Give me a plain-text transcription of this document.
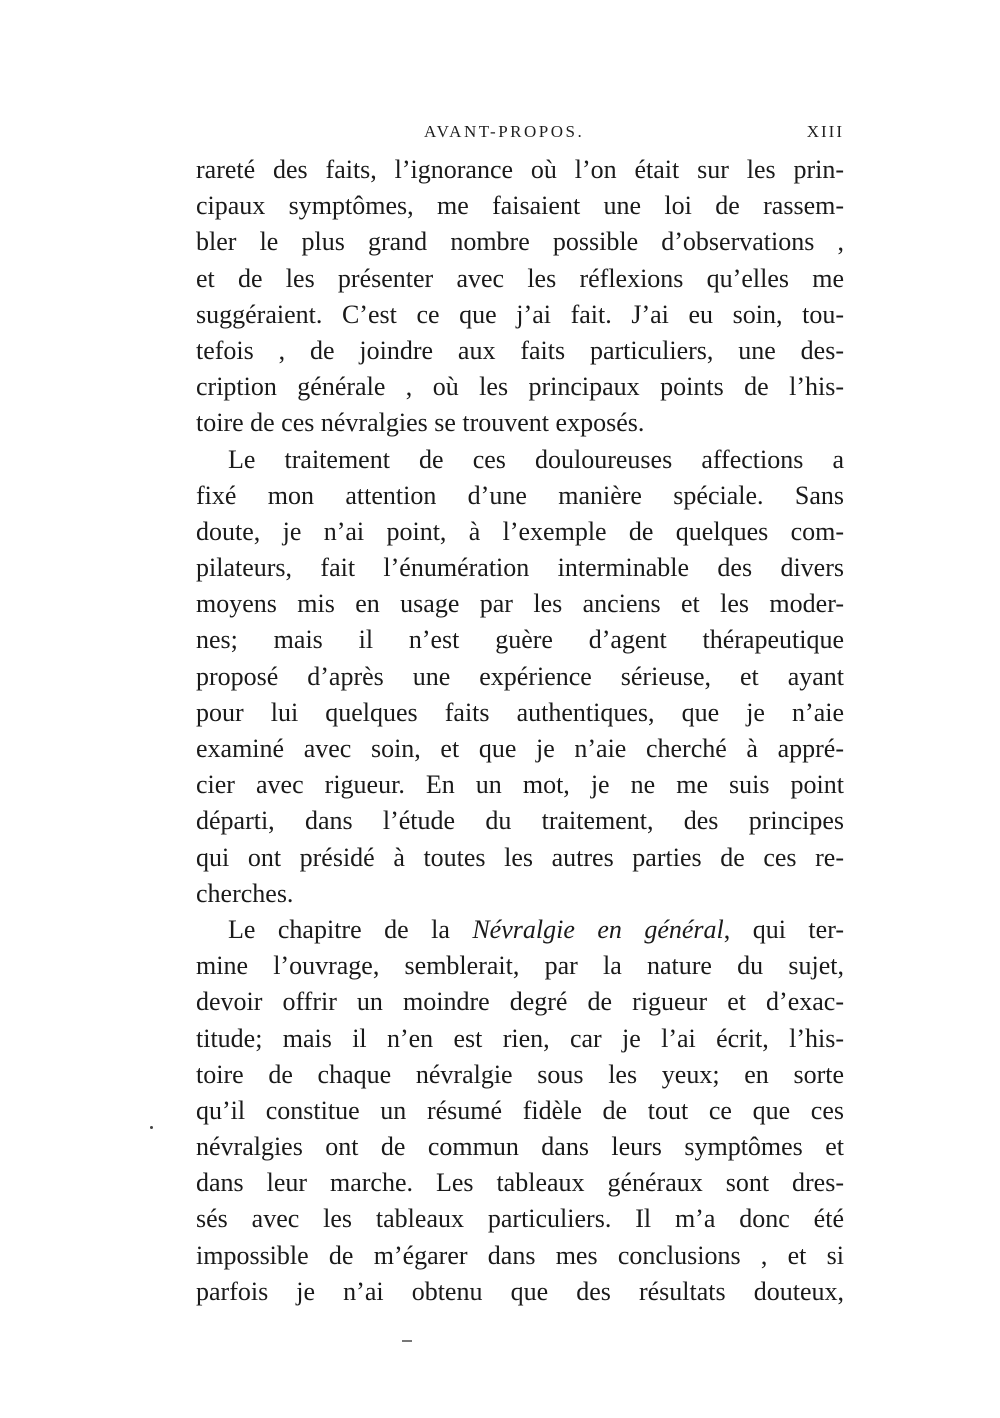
AVANT-PROPOS.	XIII
rareté des faits, l’ignorance où l’on était sur les prin-
cipaux symptômes, me faisaient une loi de rassem-
bler le plus grand nombre possible d’observations ,
et de les présenter avec les réflexions qu’elles me
suggéraient. C’est ce que j’ai fait. J’ai eu soin, tou-
tefois , de joindre aux faits particuliers, une des-
cription générale , où les principaux points de l’his-
toire de ces névralgies se trouvent exposés.
Le traitement de ces douloureuses affections a
fixé mon attention d’une manière spéciale. Sans
doute, je n’ai point, à l’exemple de quelques com-
pilateurs, fait l’énumération interminable des divers
moyens mis en usage par les anciens et les moder-
nes; mais il n’est guère d’agent thérapeutique
proposé d’après une expérience sérieuse, et ayant
pour lui quelques faits authentiques, que je n’aie
examiné avec soin, et que je n’aie cherché à appré-
cier avec rigueur. En un mot, je ne me suis point
départi, dans l’étude du traitement, des principes
qui ont présidé à toutes les autres parties de ces re-
cherches.
Le chapitre de la Névralgie en général, qui ter-
mine l’ouvrage, semblerait, par la nature du sujet,
devoir offrir un moindre degré de rigueur et d’exac-
titude; mais il n’en est rien, car je l’ai écrit, l’his-
toire de chaque névralgie sous les yeux; en sorte
qu’il constitue un résumé fidèle de tout ce que ces
névralgies ont de commun dans leurs symptômes et
dans leur marche. Les tableaux généraux sont dres-
sés avec les tableaux particuliers. Il m’a donc été
impossible de m’égarer dans mes conclusions , et si
parfois je n’ai obtenu que des résultats douteux,
